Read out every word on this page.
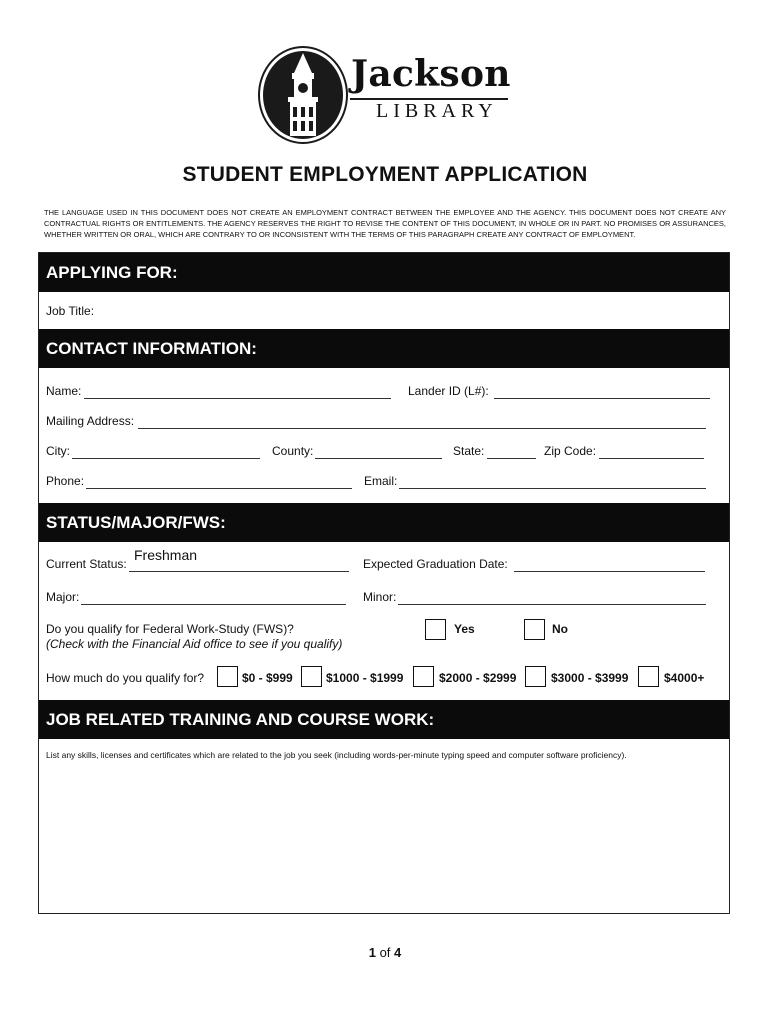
Jackson
LIBRARY
STUDENT EMPLOYMENT APPLICATION
THE LANGUAGE USED IN THIS DOCUMENT DOES NOT CREATE AN EMPLOYMENT CONTRACT BETWEEN THE EMPLOYEE AND THE AGENCY. THIS DOCUMENT DOES NOT CREATE ANY CONTRACTUAL RIGHTS OR ENTITLEMENTS. THE AGENCY RESERVES THE RIGHT TO REVISE THE CONTENT OF THIS DOCUMENT, IN WHOLE OR IN PART. NO PROMISES OR ASSURANCES, WHETHER WRITTEN OR ORAL, WHICH ARE CONTRARY TO OR INCONSISTENT WITH THE TERMS OF THIS PARAGRAPH CREATE ANY CONTRACT OF EMPLOYMENT.
APPLYING FOR:
Job Title:
CONTACT INFORMATION:
Name:	Lander ID (L#):
Mailing Address:
City:	County:	State:	Zip Code:
Phone:	Email:
STATUS/MAJOR/FWS:
Current Status:
Freshman
Expected Graduation Date:
Major:	Minor:
Do you qualify for Federal Work-Study (FWS)?
(Check with the Financial Aid office to see if you qualify)
Yes	No
How much do you qualify for?	$0 - $999	$1000 - $1999	$2000 - $2999	$3000 - $3999	$4000+
JOB RELATED TRAINING AND COURSE WORK:
List any skills, licenses and certificates which are related to the job you seek (including words-per-minute typing speed and computer software proficiency).
1 of 4
